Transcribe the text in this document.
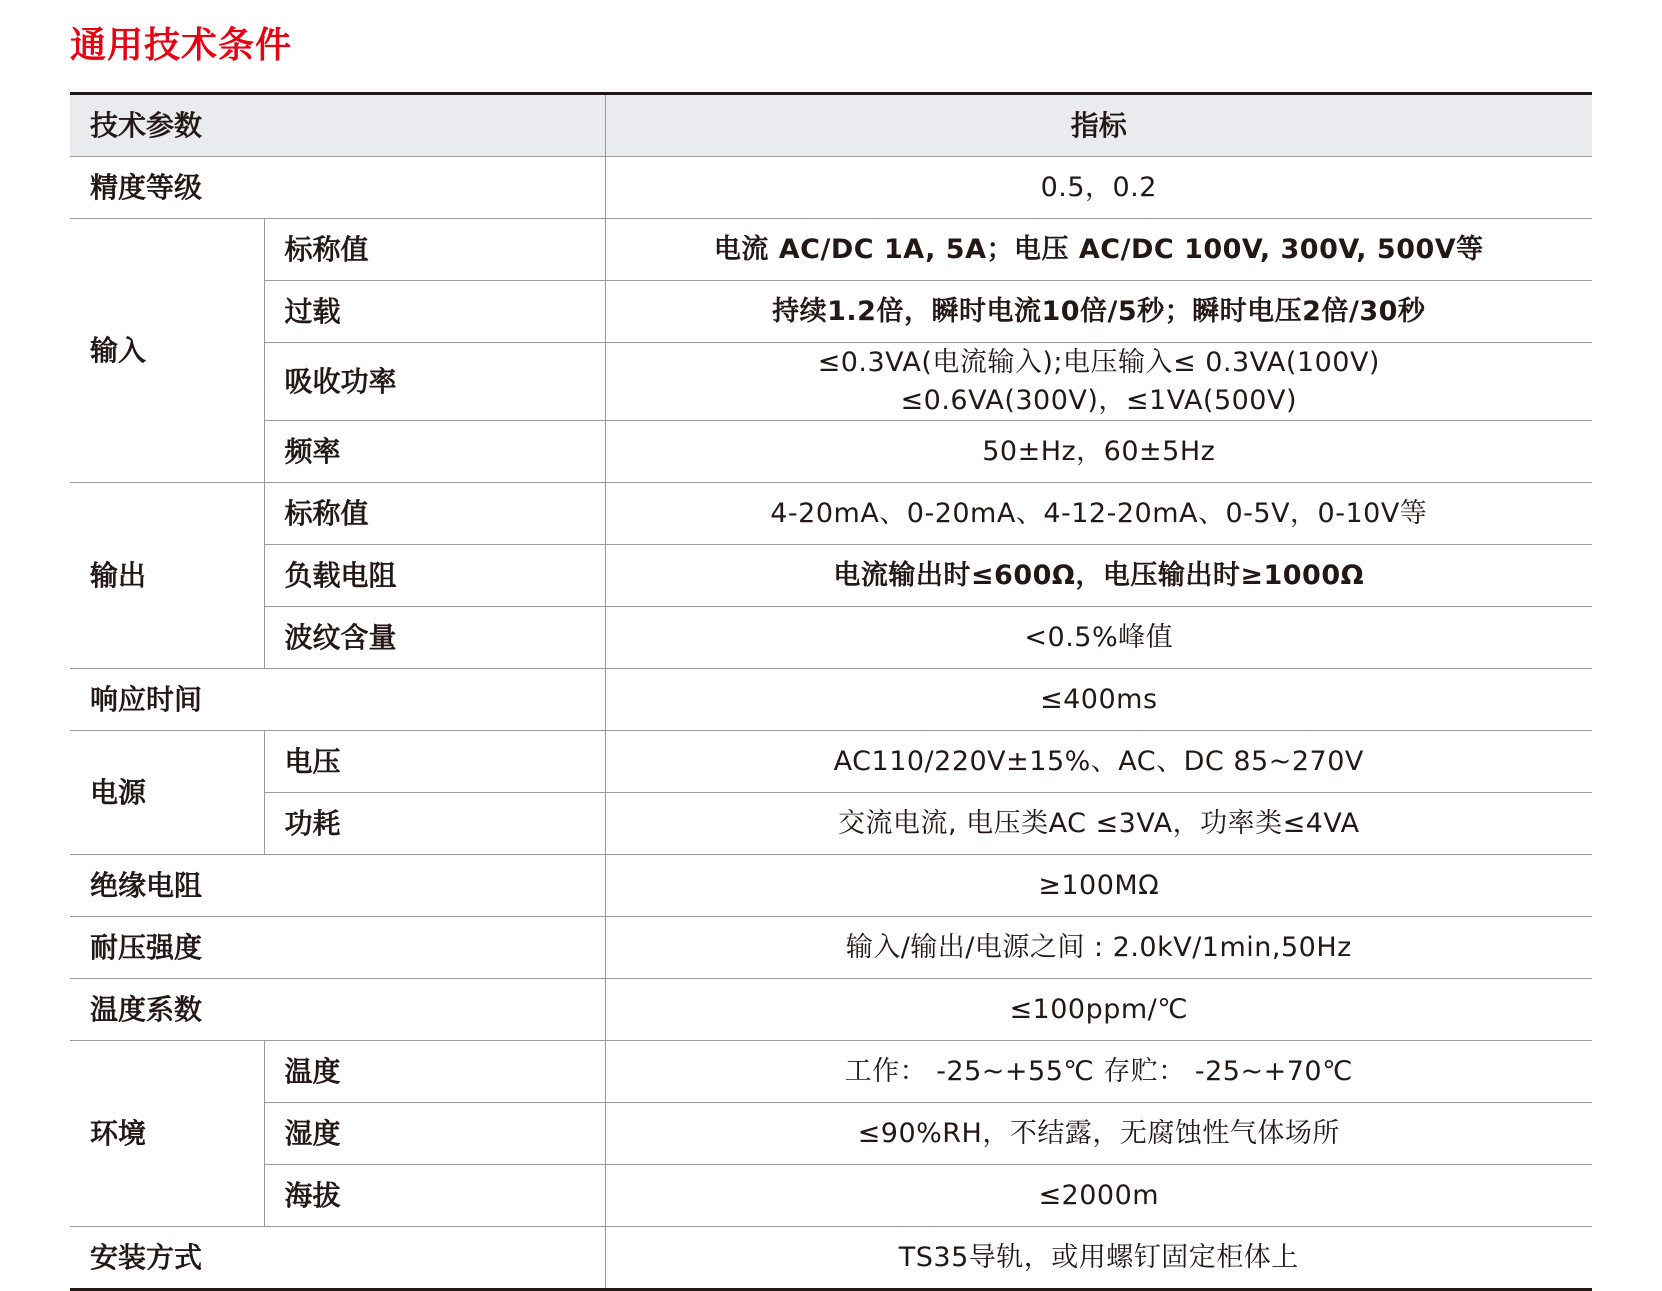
通用技术条件
技术参数		指标
精度等级		0.5，0.2
输入	标称值	电流 AC/DC 1A, 5A；电压 AC/DC 100V, 300V, 500V等
	过载	持续1.2倍，瞬时电流10倍/5秒；瞬时电压2倍/30秒
	吸收功率	≤0.3VA(电流输入);电压输入≤ 0.3VA(100V)
≤0.6VA(300V)，≤1VA(500V)

	频率	50±Hz，60±5Hz
输出	标称值	4-20mA、0-20mA、4-12-20mA、0-5V，0-10V等
	负载电阻	电流输出时≤600Ω，电压输出时≥1000Ω
	波纹含量	<0.5%峰值
响应时间		≤400ms
电源	电压	AC110/220V±15%、AC、DC 85~270V
	功耗	交流电流, 电压类AC ≤3VA，功率类≤4VA
绝缘电阻		≥100MΩ
耐压强度		输入/输出/电源之间 : 2.0kV/1min,50Hz
温度系数		≤100ppm/℃
环境	温度	工作： -25~+55℃ 存贮： -25~+70℃
	湿度	≤90%RH，不结露，无腐蚀性气体场所
	海拔	≤2000m
安装方式		TS35导轨，或用螺钉固定柜体上
